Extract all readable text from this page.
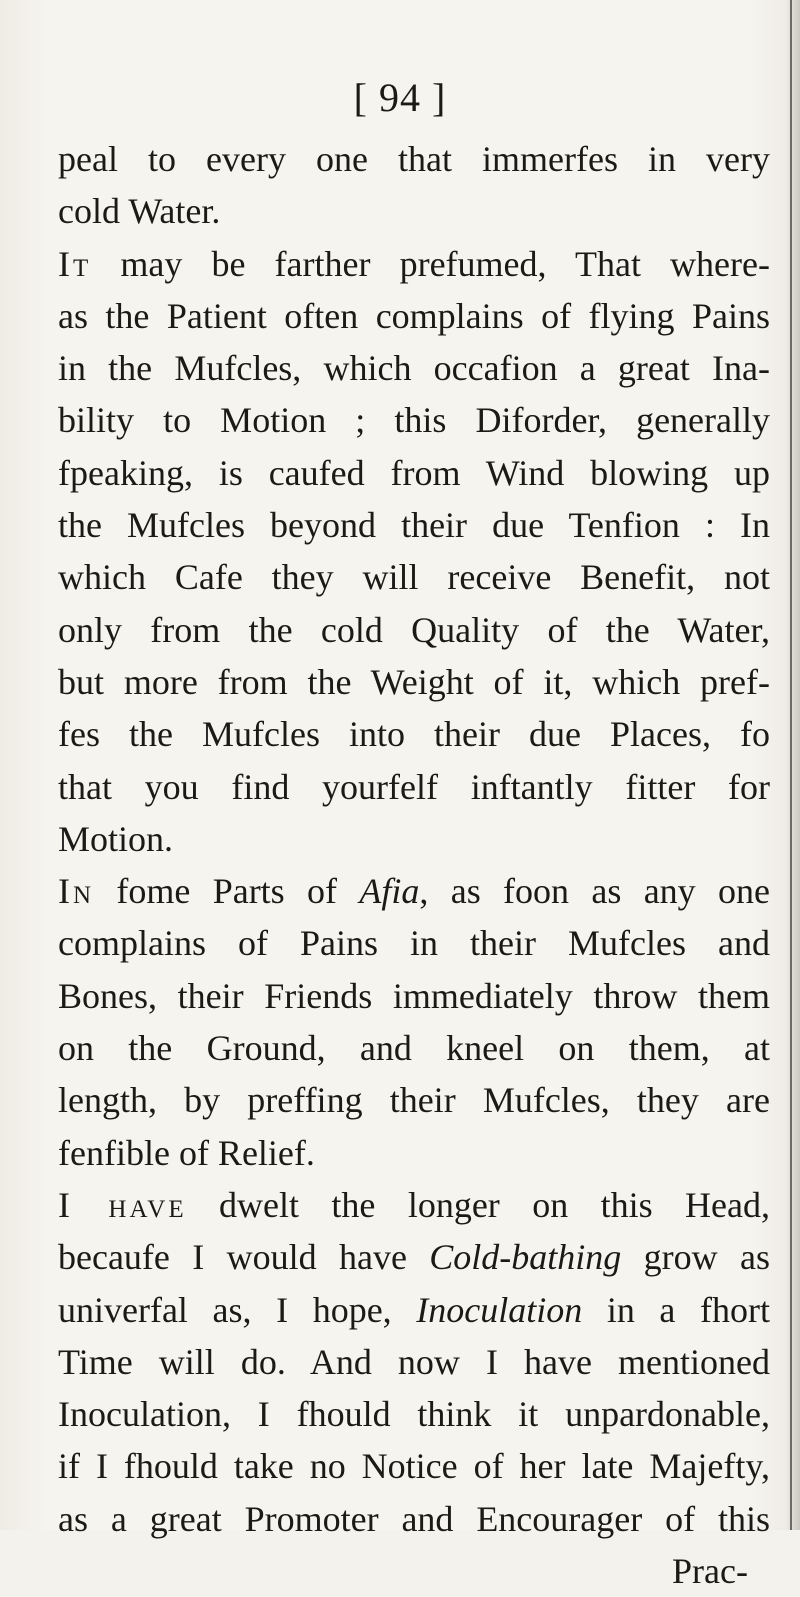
[ 94 ]
peal to every one that immerfes in very
cold Water.
It may be farther prefumed, That where-
as the Patient often complains of flying Pains
in the Mufcles, which occafion a great Ina-
bility to Motion ; this Diforder, generally
fpeaking, is caufed from Wind blowing up
the Mufcles beyond their due Tenfion : In
which Cafe they will receive Benefit, not
only from the cold Quality of the Water,
but more from the Weight of it, which pref-
fes the Mufcles into their due Places, fo
that you find yourfelf inftantly fitter for
Motion.
In fome Parts of Afia, as foon as any one
complains of Pains in their Mufcles and
Bones, their Friends immediately throw them
on the Ground, and kneel on them, at
length, by preffing their Mufcles, they are
fenfible of Relief.
I have dwelt the longer on this Head,
becaufe I would have Cold-bathing grow as
univerfal as, I hope, Inoculation in a fhort
Time will do. And now I have mentioned
Inoculation, I fhould think it unpardonable,
if I fhould take no Notice of her late Majefty,
as a great Promoter and Encourager of this
Prac-
